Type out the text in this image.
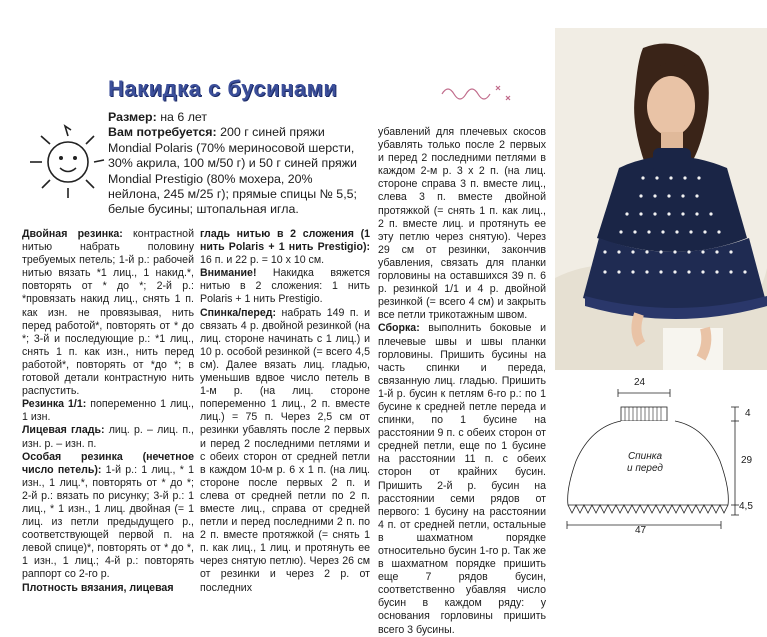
Накидка с бусинами

Размер: на 6 лет

Вам потребуется: 200 г синей пряжи Mondial Polaris (70% мериносовой шерсти, 30% акрила, 100 м/50 г) и 50 г синей пряжи Mondial Prestigio (80% мохера, 20% нейлона, 245 м/25 г); прямые спицы № 5,5; белые бусины; штопальная игла.

Двойная резинка: контрастной нитью набрать половину требуемых петель; 1-й р.: рабочей нитью вязать *1 лиц., 1 накид.*, повторять от * до *; 2-й р.: *провязать накид лиц., снять 1 п. как изн. не провязывая, нить перед работой*, повторять от * до *; 3-й и последующие р.: *1 лиц., снять 1 п. как изн., нить перед работой*, повторять от *до *; в готовой детали контрастную нить распустить.

Резинка 1/1: попеременно 1 лиц., 1 изн.

Лицевая гладь: лиц. р. – лиц. п., изн. р. – изн. п.

Особая резинка (нечетное число петель): 1-й р.: 1 лиц., * 1 изн., 1 лиц.*, повторять от * до *; 2-й р.: вязать по рисунку; 3-й р.: 1 лиц., * 1 изн., 1 лиц. двойная (= 1 лиц. из петли предыдущего р., соответствующей первой п. на левой спице)*, повторять от * до *, 1 изн., 1 лиц.; 4-й р.: повторять раппорт со 2-го р.

Плотность вязания, лицевая

гладь нитью в 2 сложения (1 нить Polaris + 1 нить Prestigio): 16 п. и 22 р. = 10 х 10 см.

Внимание! Накидка вяжется нитью в 2 сложения: 1 нить Polaris + 1 нить Prestigio.

Спинка/перед: набрать 149 п. и связать 4 р. двойной резинкой (на лиц. стороне начинать с 1 лиц.) и 10 р. особой резинкой (= всего 4,5 см). Далее вязать лиц. гладью, уменьшив вдвое число петель в 1-м р. (на лиц. стороне попеременно 1 лиц., 2 п. вместе лиц.) = 75 п. Через 2,5 см от резинки убавлять после 2 первых и перед 2 последними петлями и с обеих сторон от средней петли в каждом 10-м р. 6 х 1 п. (на лиц. стороне после первых 2 п. и слева от средней петли по 2 п. вместе лиц., справа от средней петли и перед последними 2 п. по 2 п. вместе протяжкой (= снять 1 п. как лиц., 1 лиц. и протянуть ее через снятую петлю). Через 26 см от резинки и через 2 р. от последних

убавлений для плечевых скосов убавлять только после 2 первых и перед 2 последними петлями в каждом 2-м р. 3 х 2 п. (на лиц. стороне справа 3 п. вместе лиц., слева 3 п. вместе двойной протяжкой (= снять 1 п. как лиц., 2 п. вместе лиц. и протянуть ее эту петлю через снятую). Через 29 см от резинки, закончив убавления, связать для планки горловины на оставшихся 39 п. 6 р. резинкой 1/1 и 4 р. двойной резинкой (= всего 4 см) и закрыть все петли трикотажным швом.

Сборка: выполнить боковые и плечевые швы и швы планки горловины. Пришить бусины на часть спинки и переда, связанную лиц. гладью. Пришить 1-й р. бусин к петлям 6-го р.: по 1 бусине к средней петле переда и спинки, по 1 бусине на расстоянии 9 п. с обеих сторон от средней петли, еще по 1 бусине на расстоянии 11 п. с обеих сторон от крайних бусин. Пришить 2-й р. бусин на расстоянии семи рядов от первого: 1 бусину на расстоянии 4 п. от средней петли, остальные в шахматном порядке относительно бусин 1-го р. Так же в шахматном порядке пришить еще 7 рядов бусин, соответственно убавляя число бусин в каждом ряду: у основания горловины пришить всего 3 бусины.

24
4
29
4,5
47
Спинка
и перед
